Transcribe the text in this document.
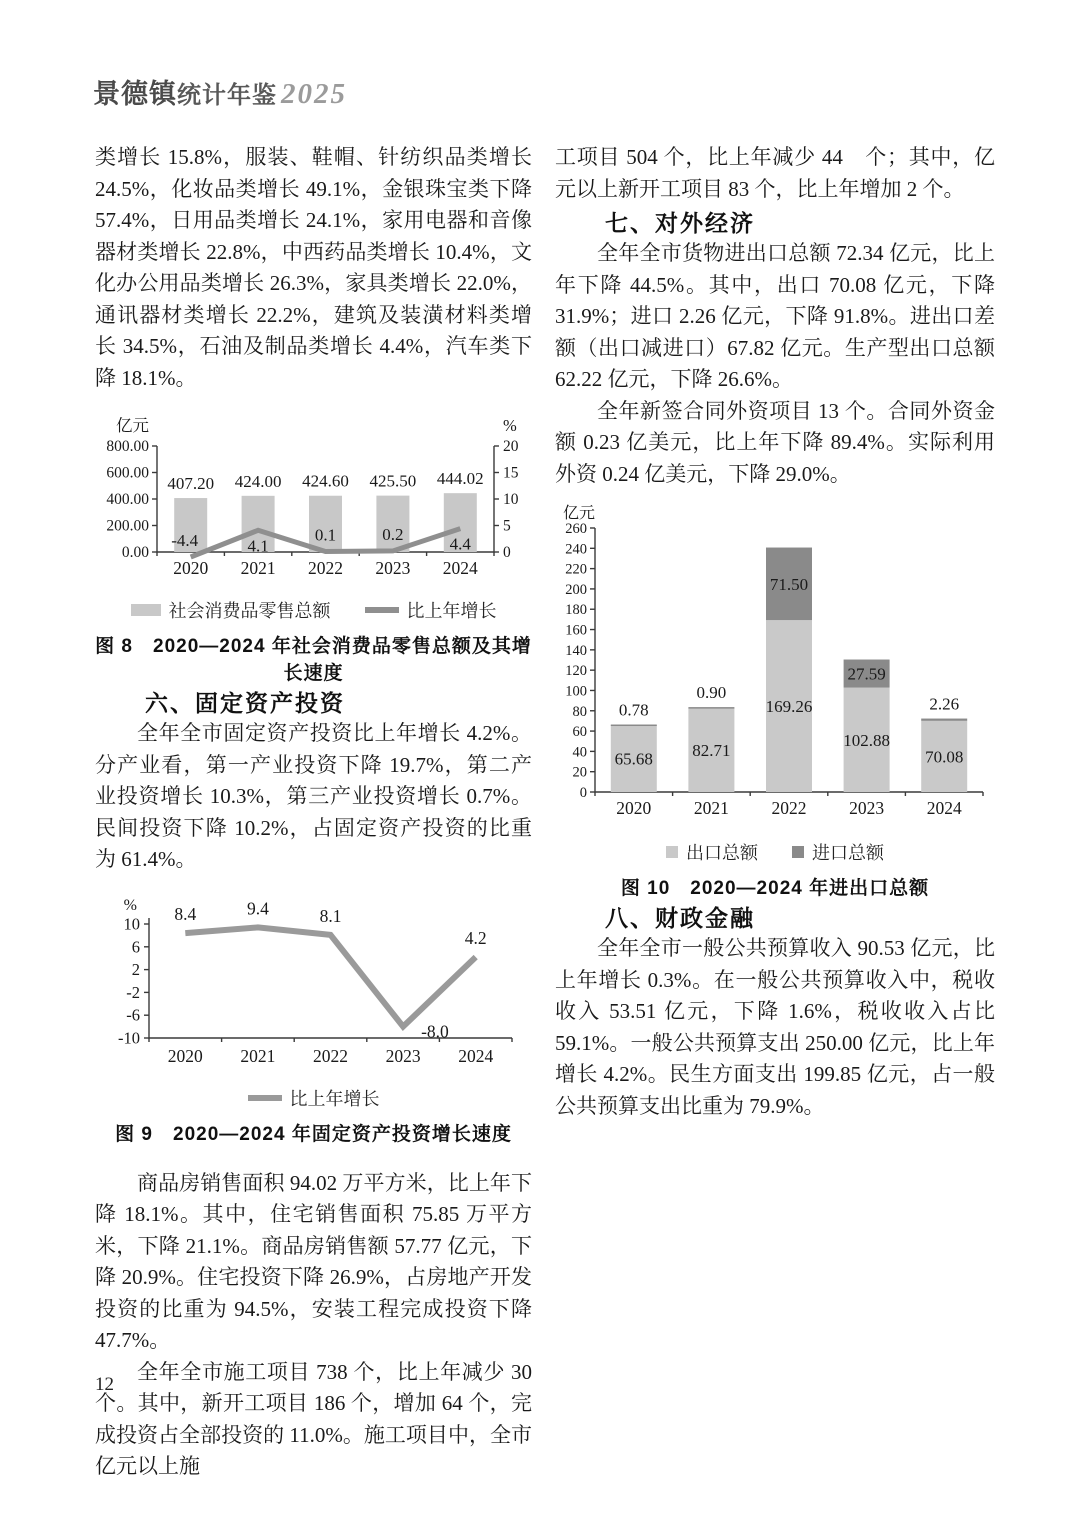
景德镇统计年鉴 2025

类增长 15.8%，服装、鞋帽、针纺织品类增长 24.5%，化妆品类增长 49.1%，金银珠宝类下降 57.4%，日用品类增长 24.1%，家用电器和音像器材类增长 22.8%，中西药品类增长 10.4%，文化办公用品类增长 26.3%，家具类增长 22.0%，通讯器材类增长 22.2%，建筑及装潢材料类增长 34.5%，石油及制品类增长 4.4%，汽车类下降 18.1%。

0.00
200.00
400.00
600.00
800.00
0
5
10
15
20
亿元	%
407.20
2020
424.00
2021
424.60
2022
425.50
2023
444.02
2024
-4.4	4.1
0.1	0.2
4.4
社会消费品零售总额	比上年增长
图 8　2020—2024 年社会消费品零售总额及其增长速度
六、固定资产投资

全年全市固定资产投资比上年增长 4.2%。分产业看，第一产业投资下降 19.7%，第二产业投资增长 10.3%，第三产业投资增长 0.7%。民间投资下降 10.2%，占固定资产投资的比重为 61.4%。

10
6
2
-2
-6
-10
%
2020 2021 2022 2023 2024
8.4	9.4	8.1
-8.0
4.2
比上年增长
图 9　2020—2024 年固定资产投资增长速度

商品房销售面积 94.02 万平方米，比上年下降 18.1%。其中，住宅销售面积 75.85 万平方米，下降 21.1%。商品房销售额 57.77 亿元，下降 20.9%。住宅投资下降 26.9%，占房地产开发投资的比重为 94.5%，安装工程完成投资下降 47.7%。

全年全市施工项目 738 个，比上年减少 30 个。其中，新开工项目 186 个，增加 64 个，完成投资占全部投资的 11.0%。施工项目中，全市亿元以上施

工项目 504 个，比上年减少 44　个；其中，亿元以上新开工项目 83 个，比上年增加 2 个。

七、对外经济

全年全市货物进出口总额 72.34 亿元，比上年下降 44.5%。其中，出口 70.08 亿元，下降 31.9%；进口 2.26 亿元，下降 91.8%。进出口差额（出口减进口）67.82 亿元。生产型出口总额 62.22 亿元，下降 26.6%。

全年新签合同外资项目 13 个。合同外资金额 0.23 亿美元，比上年下降 89.4%。实际利用外资 0.24 亿美元，下降 29.0%。

0
20
40
60
80
100
120
140
160
180
200
220
240
260
亿元
65.68
0.78
2020
82.71
0.90
2021
169.26
71.50
2022
102.88
27.59
2023
70.08
2.26
2024
出口总额	进口总额
图 10　2020—2024 年进出口总额
八、财政金融

全年全市一般公共预算收入 90.53 亿元，比上年增长 0.3%。在一般公共预算收入中，税收收入 53.51 亿元，下降 1.6%，税收收入占比 59.1%。一般公共预算支出 250.00 亿元，比上年增长 4.2%。民生方面支出 199.85 亿元，占一般公共预算支出比重为 79.9%。

12
